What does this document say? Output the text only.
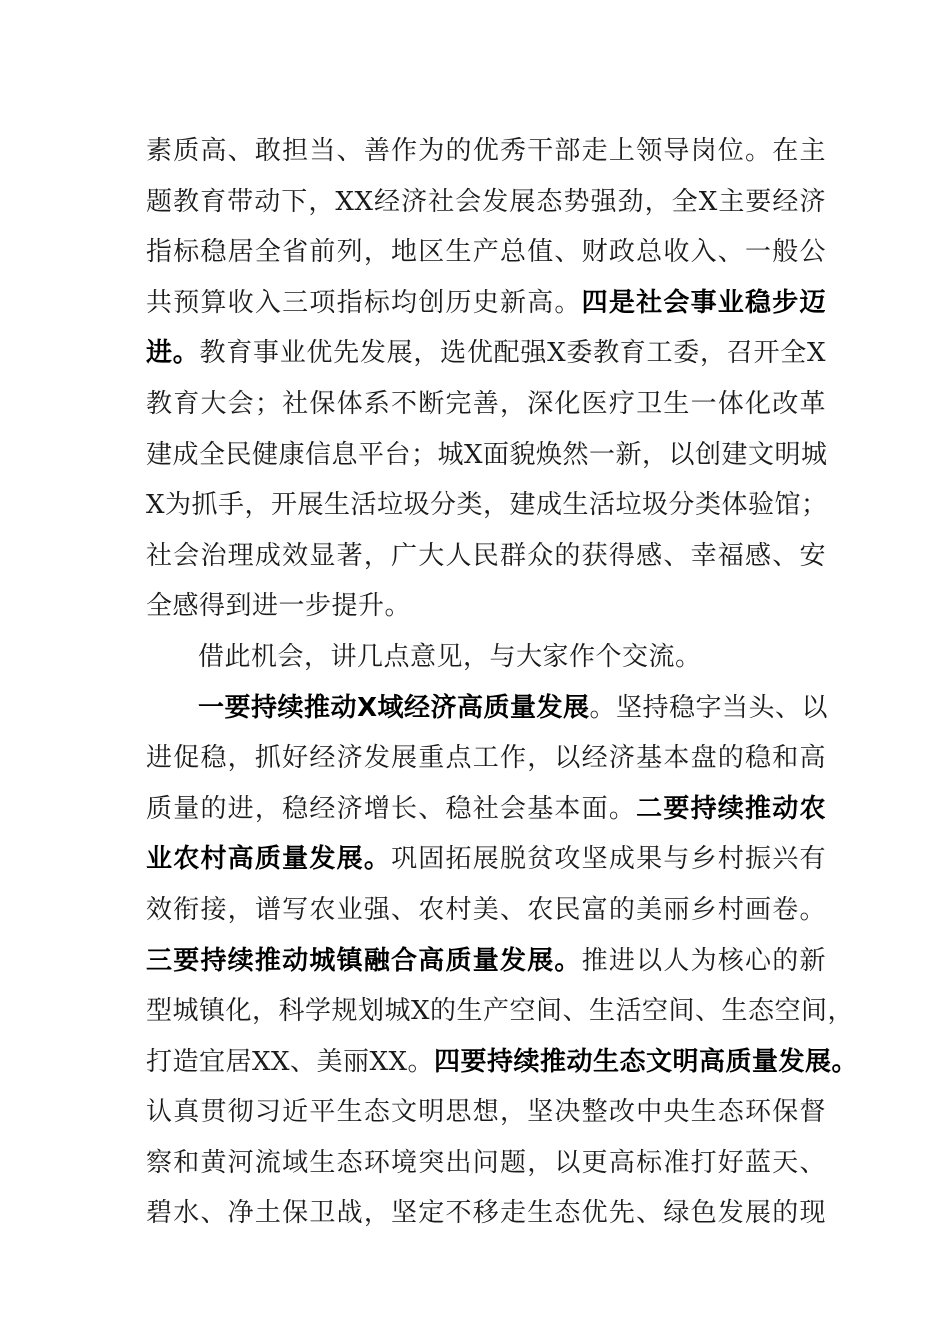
素质高、敢担当、善作为的优秀干部走上领导岗位。在主
题教育带动下，XX经济社会发展态势强劲，全X主要经济
指标稳居全省前列，地区生产总值、财政总收入、一般公
共预算收入三项指标均创历史新高。四是社会事业稳步迈
进。教育事业优先发展，选优配强X委教育工委，召开全X
教育大会；社保体系不断完善，深化医疗卫生一体化改革
建成全民健康信息平台；城X面貌焕然一新，以创建文明城
X为抓手，开展生活垃圾分类，建成生活垃圾分类体验馆；
社会治理成效显著，广大人民群众的获得感、幸福感、安
全感得到进一步提升。
借此机会，讲几点意见，与大家作个交流。
一要持续推动X域经济高质量发展。坚持稳字当头、以
进促稳，抓好经济发展重点工作，以经济基本盘的稳和高
质量的进，稳经济增长、稳社会基本面。二要持续推动农
业农村高质量发展。巩固拓展脱贫攻坚成果与乡村振兴有
效衔接，谱写农业强、农村美、农民富的美丽乡村画卷。
三要持续推动城镇融合高质量发展。推进以人为核心的新
型城镇化，科学规划城X的生产空间、生活空间、生态空间，
打造宜居XX、美丽XX。四要持续推动生态文明高质量发展。
认真贯彻习近平生态文明思想，坚决整改中央生态环保督
察和黄河流域生态环境突出问题，以更高标准打好蓝天、
碧水、净土保卫战，坚定不移走生态优先、绿色发展的现
